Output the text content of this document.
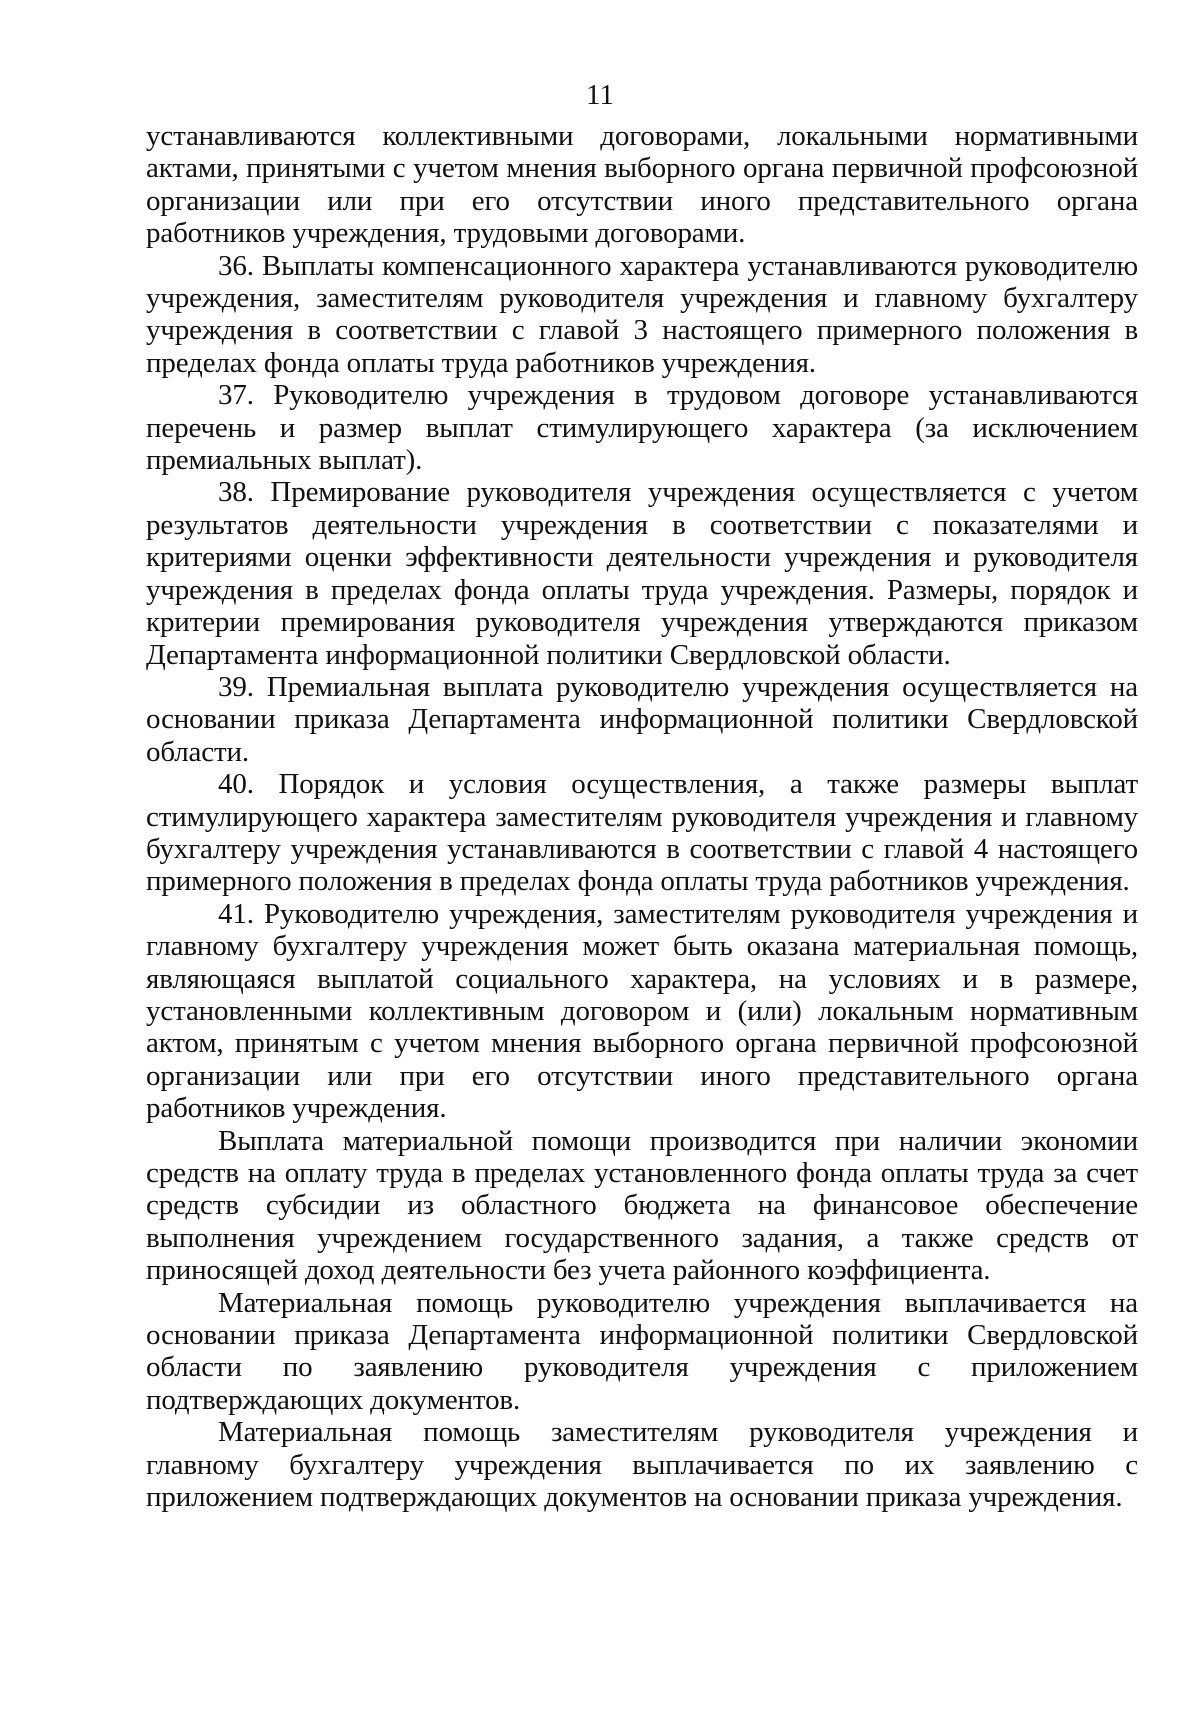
11

устанавливаются коллективными договорами, локальными нормативными актами, принятыми с учетом мнения выборного органа первичной профсоюзной организации или при его отсутствии иного представительного органа работников учреждения, трудовыми договорами.

36. Выплаты компенсационного характера устанавливаются руководителю учреждения, заместителям руководителя учреждения и главному бухгалтеру учреждения в соответствии с главой 3 настоящего примерного положения в пределах фонда оплаты труда работников учреждения.

37. Руководителю учреждения в трудовом договоре устанавливаются перечень и размер выплат стимулирующего характера (за исключением премиальных выплат).

38. Премирование руководителя учреждения осуществляется с учетом результатов деятельности учреждения в соответствии с показателями и критериями оценки эффективности деятельности учреждения и руководителя учреждения в пределах фонда оплаты труда учреждения. Размеры, порядок и критерии премирования руководителя учреждения утверждаются приказом Департамента информационной политики Свердловской области.

39. Премиальная выплата руководителю учреждения осуществляется на основании приказа Департамента информационной политики Свердловской области.

40. Порядок и условия осуществления, а также размеры выплат стимулирующего характера заместителям руководителя учреждения и главному бухгалтеру учреждения устанавливаются в соответствии с главой 4 настоящего примерного положения в пределах фонда оплаты труда работников учреждения.

41. Руководителю учреждения, заместителям руководителя учреждения и главному бухгалтеру учреждения может быть оказана материальная помощь, являющаяся выплатой социального характера, на условиях и в размере, установленными коллективным договором и (или) локальным нормативным актом, принятым с учетом мнения выборного органа первичной профсоюзной организации или при его отсутствии иного представительного органа работников учреждения.

Выплата материальной помощи производится при наличии экономии средств на оплату труда в пределах установленного фонда оплаты труда за счет средств субсидии из областного бюджета на финансовое обеспечение выполнения учреждением государственного задания, а также средств от приносящей доход деятельности без учета районного коэффициента.

Материальная помощь руководителю учреждения выплачивается на основании приказа Департамента информационной политики Свердловской области по заявлению руководителя учреждения с приложением подтверждающих документов.

Материальная помощь заместителям руководителя учреждения и главному бухгалтеру учреждения выплачивается по их заявлению с приложением подтверждающих документов на основании приказа учреждения.
